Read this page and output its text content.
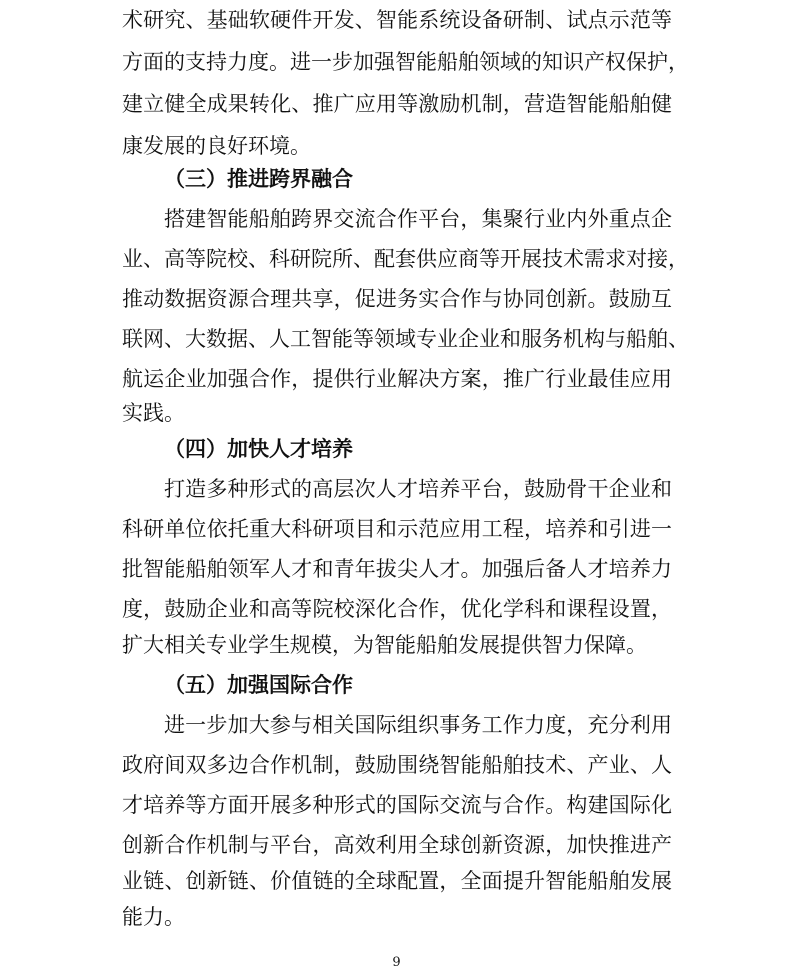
术研究、基础软硬件开发、智能系统设备研制、试点示范等
方面的支持力度。进一步加强智能船舶领域的知识产权保护，
建立健全成果转化、推广应用等激励机制，营造智能船舶健
康发展的良好环境。
（三）推进跨界融合
搭建智能船舶跨界交流合作平台，集聚行业内外重点企
业、高等院校、科研院所、配套供应商等开展技术需求对接，
推动数据资源合理共享，促进务实合作与协同创新。鼓励互
联网、大数据、人工智能等领域专业企业和服务机构与船舶、
航运企业加强合作，提供行业解决方案，推广行业最佳应用
实践。
（四）加快人才培养
打造多种形式的高层次人才培养平台，鼓励骨干企业和
科研单位依托重大科研项目和示范应用工程，培养和引进一
批智能船舶领军人才和青年拔尖人才。加强后备人才培养力
度，鼓励企业和高等院校深化合作，优化学科和课程设置，
扩大相关专业学生规模，为智能船舶发展提供智力保障。
（五）加强国际合作
进一步加大参与相关国际组织事务工作力度，充分利用
政府间双多边合作机制，鼓励围绕智能船舶技术、产业、人
才培养等方面开展多种形式的国际交流与合作。构建国际化
创新合作机制与平台，高效利用全球创新资源，加快推进产
业链、创新链、价值链的全球配置，全面提升智能船舶发展
能力。
9
